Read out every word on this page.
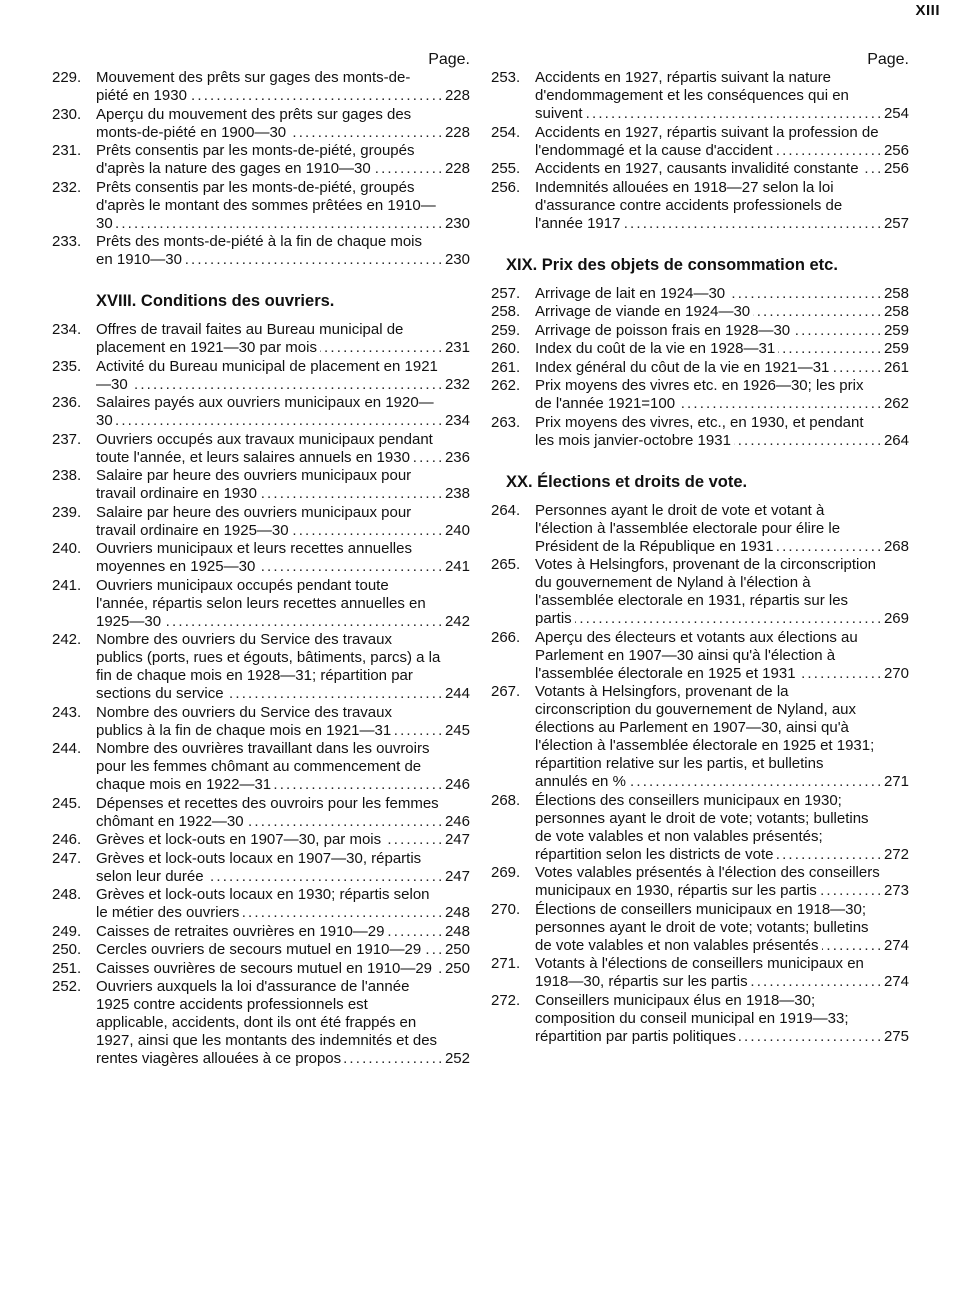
XIII
Page.
229. Mouvement des prêts sur gages des monts-de-piété en 1930 . . .	228
230. Aperçu du mouvement des prêts sur gages des monts-de-piété en 1900—30 . . .	228
231. Prêts consentis par les monts-de-piété, groupés d'après la nature des gages en 1910—30 . . .	228
232. Prêts consentis par les monts-de-piété, groupés d'après le montant des sommes prêtées en 1910—30 . . .	230
233. Prêts des monts-de-piété à la fin de chaque mois en 1910—30 . . .	230
XVIII. Conditions des ouvriers.
234. Offres de travail faites au Bureau municipal de placement en 1921—30 par mois . . .	231
235. Activité du Bureau municipal de placement en 1921—30 . . .	232
236. Salaires payés aux ouvriers municipaux en 1920—30 . . .	234
237. Ouvriers occupés aux travaux municipaux pendant toute l'année, et leurs salaires annuels en 1930 . . .	236
238. Salaire par heure des ouvriers municipaux pour travail ordinaire en 1930 . . .	238
239. Salaire par heure des ouvriers municipaux pour travail ordinaire en 1925—30 . . .	240
240. Ouvriers municipaux et leurs recettes annuelles moyennes en 1925—30 . . .	241
241. Ouvriers municipaux occupés pendant toute l'année, répartis selon leurs recettes annuelles en 1925—30 . . .	242
242. Nombre des ouvriers du Service des travaux publics (ports, rues et égouts, bâtiments, parcs) a la fin de chaque mois en 1928—31; répartition par sections du service . . .	244
243. Nombre des ouvriers du Service des travaux publics à la fin de chaque mois en 1921—31 . . .	245
244. Nombre des ouvrières travaillant dans les ouvroirs pour les femmes chômant au commencement de chaque mois en 1922—31 . . .	246
245. Dépenses et recettes des ouvroirs pour les femmes chômant en 1922—30 . . .	246
246. Grèves et lock-outs en 1907—30, par mois . . .	247
247. Grèves et lock-outs locaux en 1907—30, répartis selon leur durée . . .	247
248. Grèves et lock-outs locaux en 1930; répartis selon le métier des ouvriers . . .	248
249. Caisses de retraites ouvrières en 1910—29 . . .	248
250. Cercles ouvriers de secours mutuel en 1910—29 . . .	250
251. Caisses ouvrières de secours mutuel en 1910—29 . . . 250
252. Ouvriers auxquels la loi d'assurance de l'année 1925 contre accidents professionnels est applicable, accidents, dont ils ont été frappés en 1927, ainsi que les montants des indemnités et des rentes viagères allouées à ce propos . . .	252
Page.
253. Accidents en 1927, répartis suivant la nature d'endommagement et les conséquences qui en suivent . . .	254
254. Accidents en 1927, répartis suivant la profession de l'endommagé et la cause d'accident . . .	256
255. Accidents en 1927, causants invalidité constante . . .	256
256. Indemnités allouées en 1918—27 selon la loi d'assurance contre accidents professionels de l'année 1917 . . .	257
XIX. Prix des objets de consommation etc.
257. Arrivage de lait en 1924—30 . . .	258
258. Arrivage de viande en 1924—30 . . .	258
259. Arrivage de poisson frais en 1928—30 . . .	259
260. Index du coût de la vie en 1928—31 . . .	259
261. Index général du côut de la vie en 1921—31 . . .	261
262. Prix moyens des vivres etc. en 1926—30; les prix de l'année 1921=100 . . .	262
263. Prix moyens des vivres, etc., en 1930, et pendant les mois janvier-octobre 1931 . . .	264
XX. Élections et droits de vote.
264. Personnes ayant le droit de vote et votant à l'élection à l'assemblée electorale pour élire le Président de la République en 1931 . . .	268
265. Votes à Helsingfors, provenant de la circonscription du gouvernement de Nyland à l'élection à l'assemblée electorale en 1931, répartis sur les partis . . .	269
266. Aperçu des électeurs et votants aux élections au Parlement en 1907—30 ainsi qu'à l'élection à l'assemblée électorale en 1925 et 1931 . . .	270
267. Votants à Helsingfors, provenant de la circonscription du gouvernement de Nyland, aux élections au Parlement en 1907—30, ainsi qu'à l'élection à l'assemblée électorale en 1925 et 1931; répartition relative sur les partis, et bulletins annulés en % . . .	271
268. Élections des conseillers municipaux en 1930; personnes ayant le droit de vote; votants; bulletins de vote valables et non valables présentés; répartition selon les districts de vote . . .	272
269. Votes valables présentés à l'élection des conseillers municipaux en 1930, répartis sur les partis . . .	273
270. Élections de conseillers municipaux en 1918—30; personnes ayant le droit de vote; votants; bulletins de vote valables et non valables présentés . . .	274
271. Votants à l'élections de conseillers municipaux en 1918—30, répartis sur les partis . . .	274
272. Conseillers municipaux élus en 1918—30; composition du conseil municipal en 1919—33; répartition par partis politiques . . .	275
